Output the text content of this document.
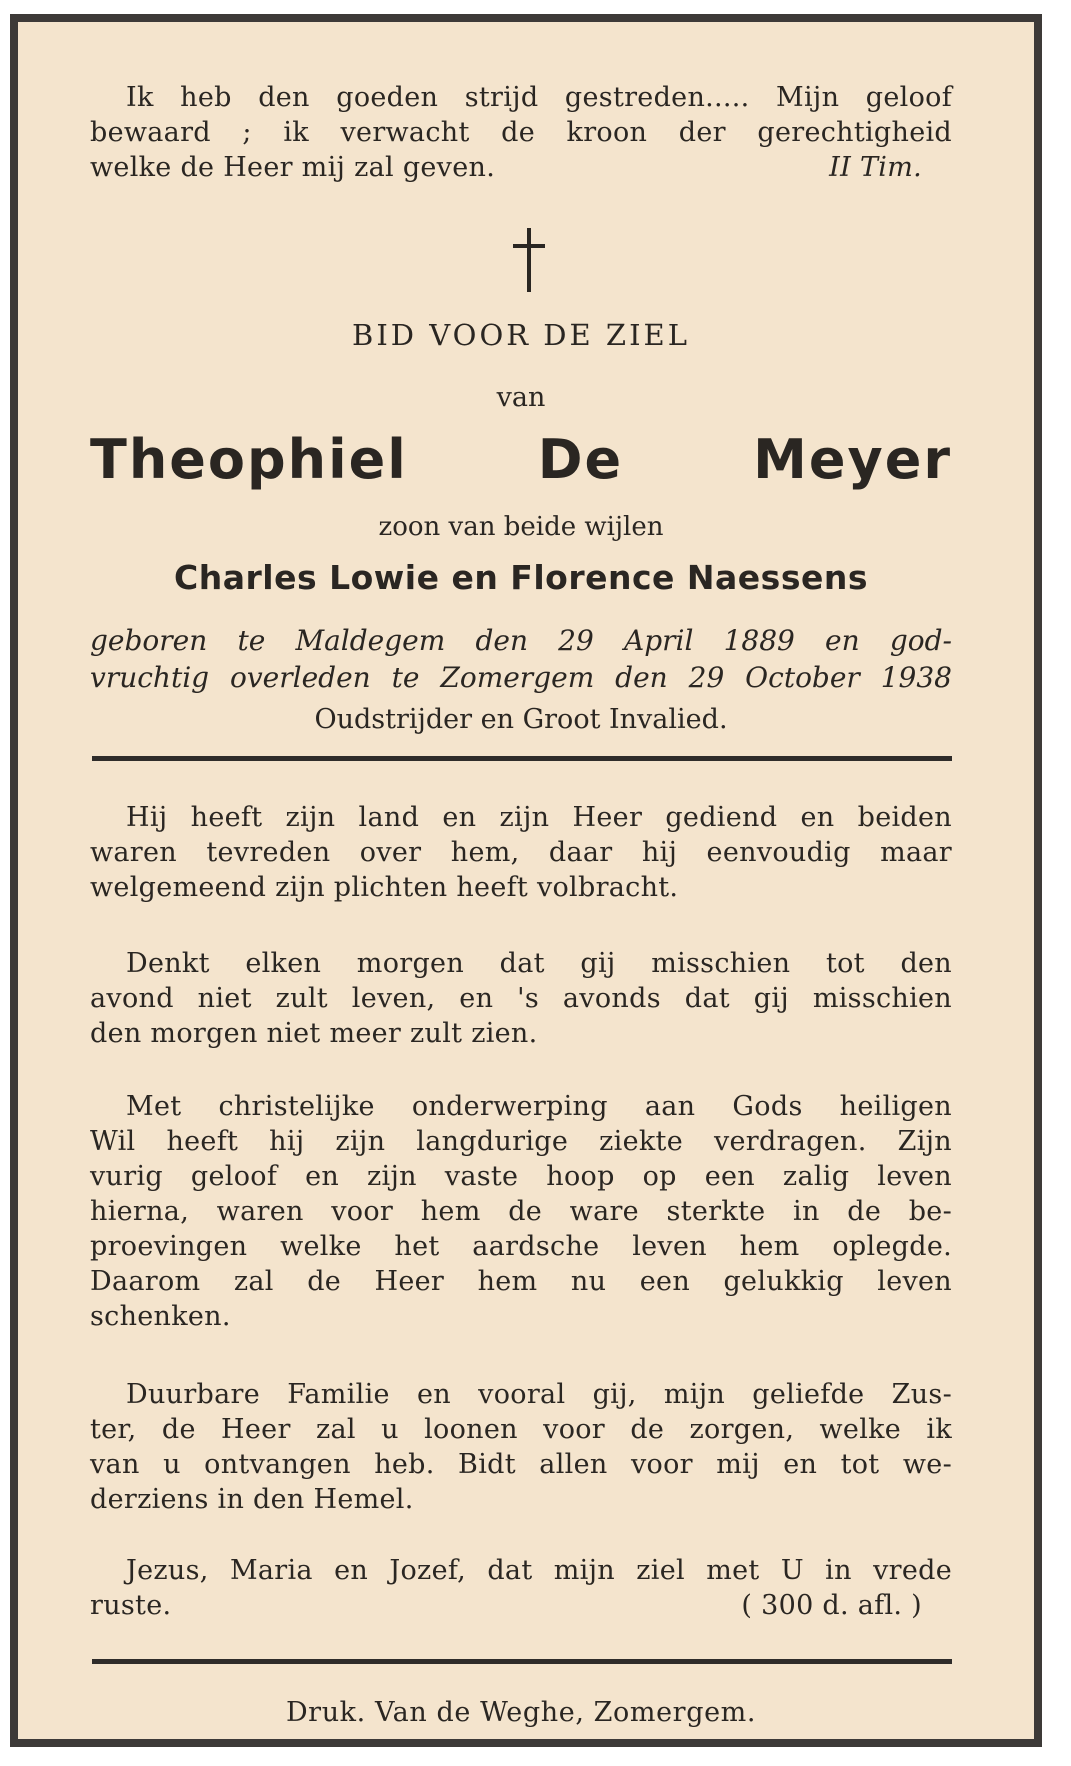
Ik heb den goeden strijd gestreden..... Mijn geloof
bewaard ; ik verwacht de kroon der gerechtigheid
welke de Heer mij zal geven.	II Tim.
BID VOOR DE ZIEL
van
Theophiel De Meyer
zoon van beide wijlen
Charles Lowie en Florence Naessens
geboren te Maldegem den 29 April 1889 en god-
vruchtig overleden te Zomergem den 29 October 1938
Oudstrijder en Groot Invalied.
Hij heeft zijn land en zijn Heer gediend en beiden
waren tevreden over hem, daar hij eenvoudig maar
welgemeend zijn plichten heeft volbracht.
Denkt elken morgen dat gij misschien tot den
avond niet zult leven, en 's avonds dat gij misschien
den morgen niet meer zult zien.
Met christelijke onderwerping aan Gods heiligen
Wil heeft hij zijn langdurige ziekte verdragen. Zijn
vurig geloof en zijn vaste hoop op een zalig leven
hierna, waren voor hem de ware sterkte in de be-
proevingen welke het aardsche leven hem oplegde.
Daarom zal de Heer hem nu een gelukkig leven
schenken.
Duurbare Familie en vooral gij, mijn geliefde Zus-
ter, de Heer zal u loonen voor de zorgen, welke ik
van u ontvangen heb. Bidt allen voor mij en tot we-
derziens in den Hemel.
Jezus, Maria en Jozef, dat mijn ziel met U in vrede
ruste.	( 300 d. afl. )
Druk. Van de Weghe, Zomergem.
